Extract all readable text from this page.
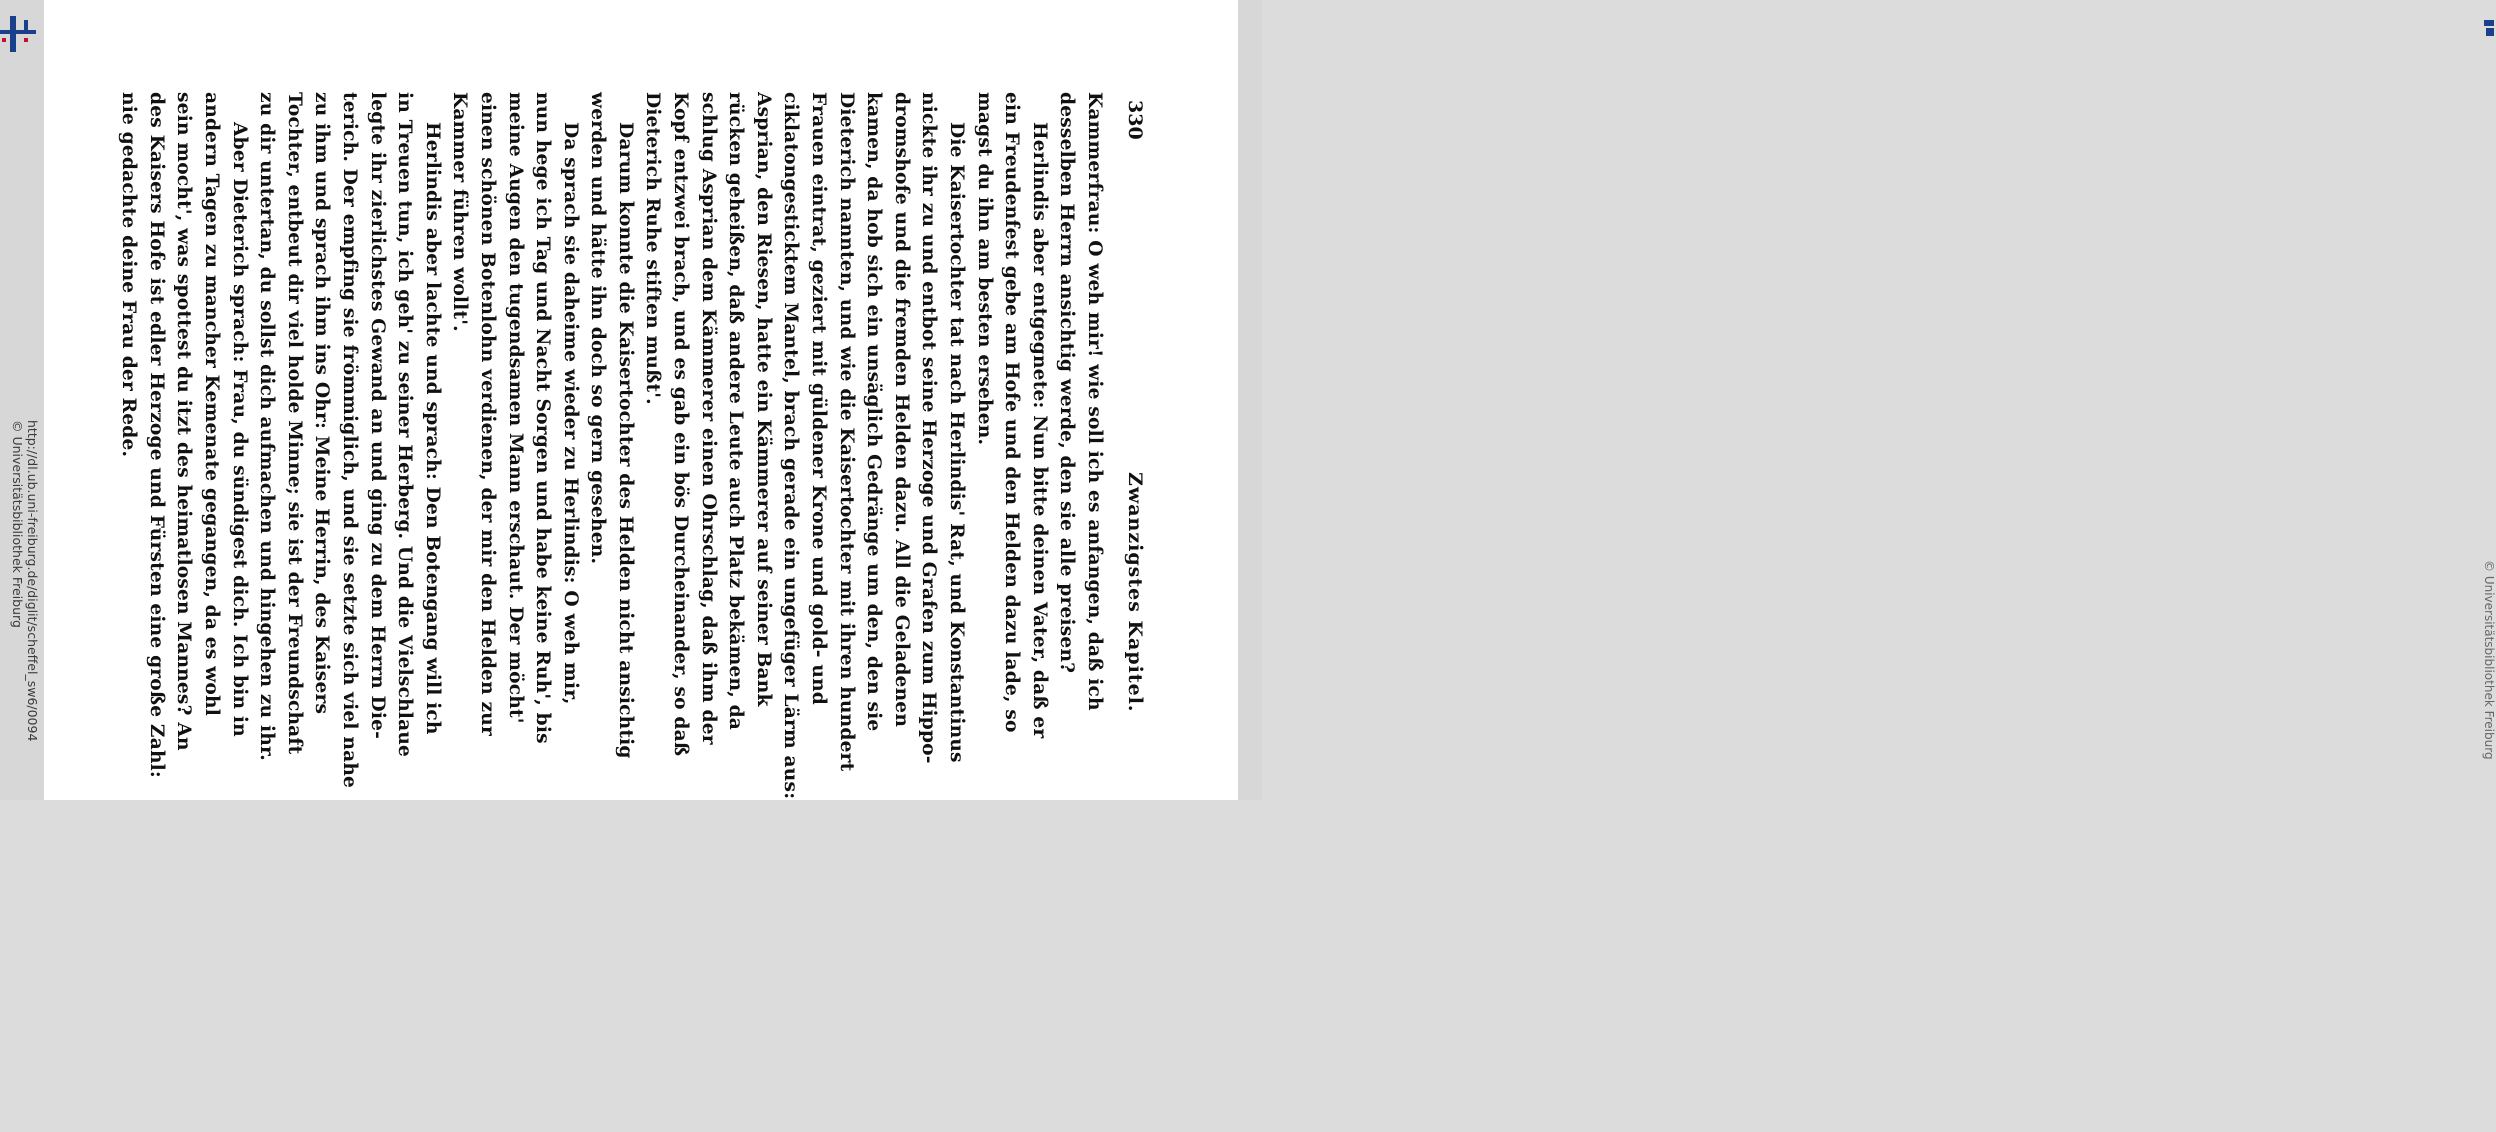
http://dl.ub.uni-freiburg.de/diglit/scheffel_sw6/0094
© Universitätsbibliothek Freiburg
330
Zwanzigstes Kapitel.
Kammerfrau: O weh mir! wie soll ich es anfangen, daß ich
desselben Herrn ansichtig werde, den sie alle preisen?
Herlindis aber entgegnete: Nun bitte deinen Vater, daß er
ein Freudenfest gebe am Hofe und den Helden dazu lade, so
magst du ihn am besten ersehen.
Die Kaisertochter tat nach Herlindis' Rat, und Konstantinus
nickte ihr zu und entbot seine Herzoge und Grafen zum Hippo-
dromshofe und die fremden Helden dazu. All die Geladenen
kamen, da hob sich ein unsäglich Gedränge um den, den sie
Dieterich nannten, und wie die Kaisertochter mit ihren hundert
Frauen eintrat, geziert mit güldener Krone und gold- und
ciklatongesticktem Mantel, brach gerade ein ungefüger Lärm aus:
Asprian, den Riesen, hatte ein Kämmerer auf seiner Bank
rücken geheißen, daß andere Leute auch Platz bekämen, da
schlug Asprian dem Kämmerer einen Ohrschlag, daß ihm der
Kopf entzwei brach, und es gab ein bös Durcheinander, so daß
Dieterich Ruhe stiften mußt'.
Darum konnte die Kaisertochter des Helden nicht ansichtig
werden und hätte ihn doch so gern gesehen.
Da sprach sie daheime wieder zu Herlindis: O weh mir,
nun hege ich Tag und Nacht Sorgen und habe keine Ruh', bis
meine Augen den tugendsamen Mann erschaut. Der möcht'
einen schönen Botenlohn verdienen, der mir den Helden zur
Kammer führen wollt'.
Herlindis aber lachte und sprach: Den Botengang will ich
in Treuen tun, ich geh' zu seiner Herberg. Und die Vielschlaue
legte ihr zierlichstes Gewand an und ging zu dem Herrn Die-
terich. Der empfing sie frömmiglich, und sie setzte sich viel nahe
zu ihm und sprach ihm ins Ohr: Meine Herrin, des Kaisers
Tochter, entbeut dir viel holde Minne; sie ist der Freundschaft
zu dir untertan, du sollst dich aufmachen und hingehen zu ihr.
Aber Dieterich sprach: Frau, du sündigest dich. Ich bin in
andern Tagen zu mancher Kemenate gegangen, da es wohl
sein mocht', was spottest du itzt des heimatlosen Mannes? An
des Kaisers Hofe ist edler Herzoge und Fürsten eine große Zahl:
nie gedachte deine Frau der Rede.
© Universitätsbibliothek Freiburg
